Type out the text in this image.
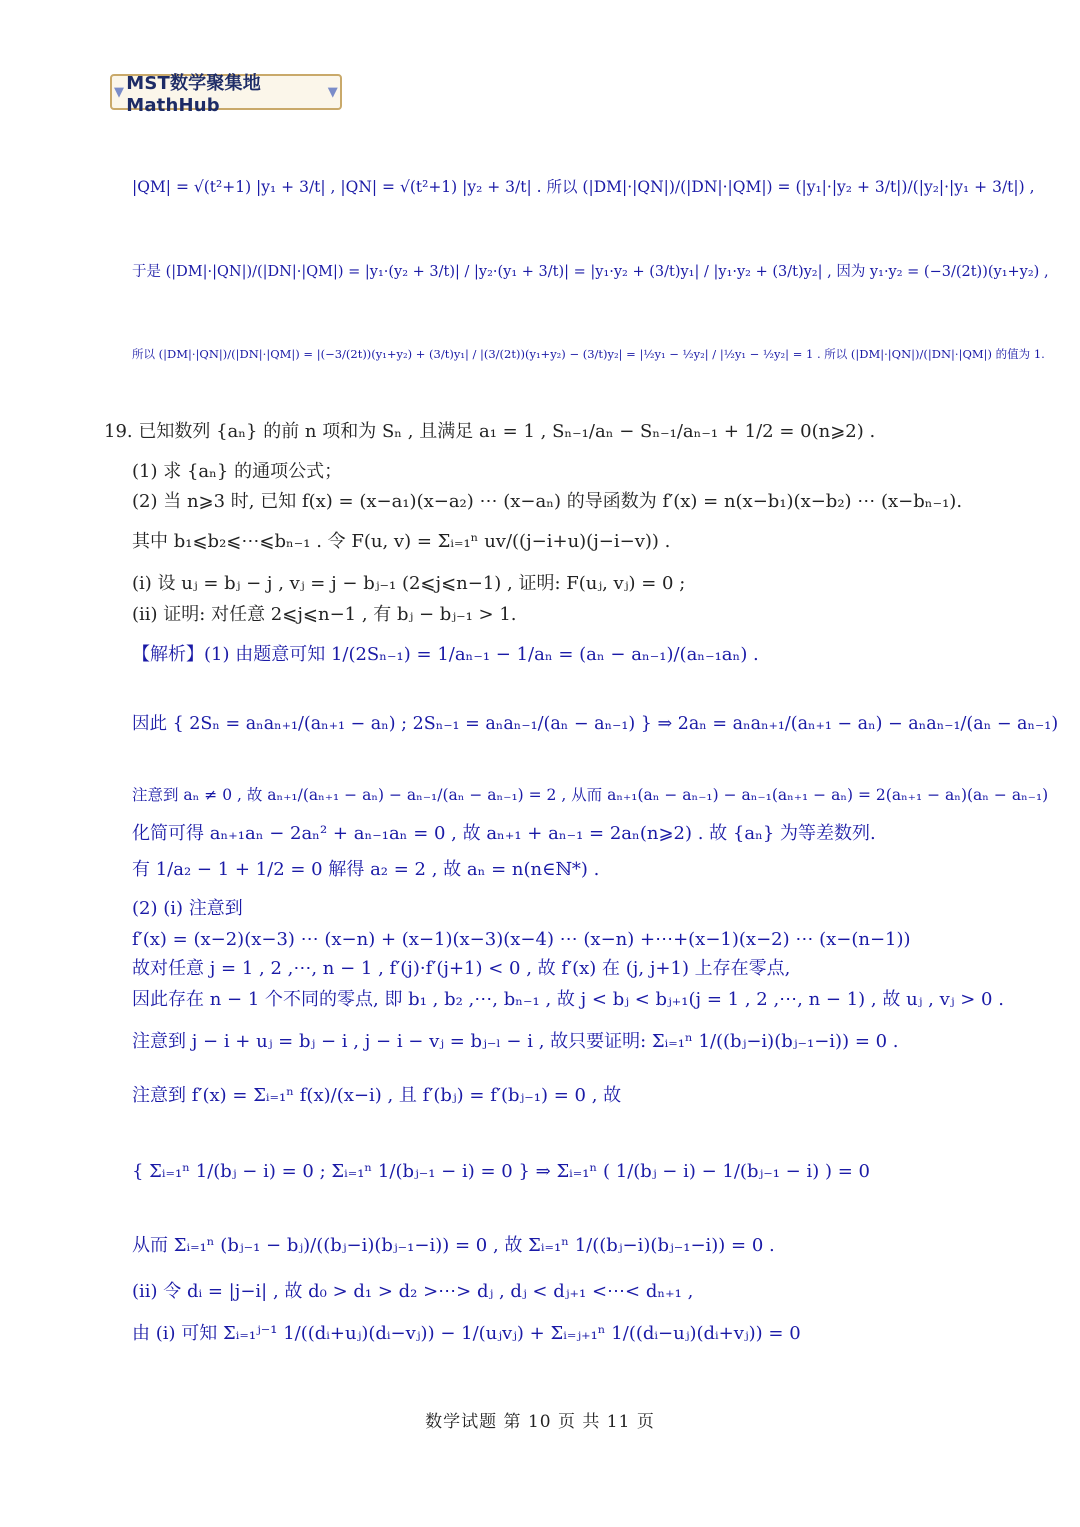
▼ MST数学聚集地MathHub
▼
|QM| = √(t²+1) |y₁ + 3/t| , |QN| = √(t²+1) |y₂ + 3/t| . 所以 (|DM|·|QN|)/(|DN|·|QM|) = (|y₁|·|y₂ + 3/t|)/(|y₂|·|y₁ + 3/t|) ,
于是 (|DM|·|QN|)/(|DN|·|QM|) = |y₁·(y₂ + 3/t)| / |y₂·(y₁ + 3/t)| = |y₁·y₂ + (3/t)y₁| / |y₁·y₂ + (3/t)y₂| , 因为 y₁·y₂ = (−3/(2t))(y₁+y₂) ,
所以 (|DM|·|QN|)/(|DN|·|QM|) = |(−3/(2t))(y₁+y₂) + (3/t)y₁| / |(3/(2t))(y₁+y₂) − (3/t)y₂| = |½y₁ − ½y₂| / |½y₁ − ½y₂| = 1 . 所以 (|DM|·|QN|)/(|DN|·|QM|) 的值为 1.
19. 已知数列 {aₙ} 的前 n 项和为 Sₙ , 且满足 a₁ = 1 , Sₙ₋₁/aₙ − Sₙ₋₁/aₙ₋₁ + 1/2 = 0(n⩾2) .
(1) 求 {aₙ} 的通项公式；
(2) 当 n⩾3 时, 已知 f(x) = (x−a₁)(x−a₂) ⋯ (x−aₙ) 的导函数为 f′(x) = n(x−b₁)(x−b₂) ⋯ (x−bₙ₋₁).
其中 b₁⩽b₂⩽⋯⩽bₙ₋₁ . 令 F(u, v) = Σᵢ₌₁ⁿ uv/((j−i+u)(j−i−v)) .
(i) 设 uⱼ = bⱼ − j , vⱼ = j − bⱼ₋₁ (2⩽j⩽n−1) , 证明: F(uⱼ, vⱼ) = 0 ;
(ii) 证明: 对任意 2⩽j⩽n−1 , 有 bⱼ − bⱼ₋₁ > 1.
【解析】(1) 由题意可知 1/(2Sₙ₋₁) = 1/aₙ₋₁ − 1/aₙ = (aₙ − aₙ₋₁)/(aₙ₋₁aₙ) .
因此 { 2Sₙ = aₙaₙ₊₁/(aₙ₊₁ − aₙ) ; 2Sₙ₋₁ = aₙaₙ₋₁/(aₙ − aₙ₋₁) } ⇒ 2aₙ = aₙaₙ₊₁/(aₙ₊₁ − aₙ) − aₙaₙ₋₁/(aₙ − aₙ₋₁)
注意到 aₙ ≠ 0 , 故 aₙ₊₁/(aₙ₊₁ − aₙ) − aₙ₋₁/(aₙ − aₙ₋₁) = 2 , 从而 aₙ₊₁(aₙ − aₙ₋₁) − aₙ₋₁(aₙ₊₁ − aₙ) = 2(aₙ₊₁ − aₙ)(aₙ − aₙ₋₁)
化简可得 aₙ₊₁aₙ − 2aₙ² + aₙ₋₁aₙ = 0 , 故 aₙ₊₁ + aₙ₋₁ = 2aₙ(n⩾2) . 故 {aₙ} 为等差数列.
有 1/a₂ − 1 + 1/2 = 0 解得 a₂ = 2 , 故 aₙ = n(n∈ℕ*) .
(2) (i) 注意到
f′(x) = (x−2)(x−3) ⋯ (x−n) + (x−1)(x−3)(x−4) ⋯ (x−n) +⋯+(x−1)(x−2) ⋯ (x−(n−1))
故对任意 j = 1 , 2 ,⋯, n − 1 , f′(j)·f′(j+1) < 0 , 故 f′(x) 在 (j, j+1) 上存在零点,
因此存在 n − 1 个不同的零点, 即 b₁ , b₂ ,⋯, bₙ₋₁ , 故 j < bⱼ < bⱼ₊₁(j = 1 , 2 ,⋯, n − 1) , 故 uⱼ , vⱼ > 0 .
注意到 j − i + uⱼ = bⱼ − i , j − i − vⱼ = bⱼ₋ₗ − i , 故只要证明: Σᵢ₌₁ⁿ 1/((bⱼ−i)(bⱼ₋₁−i)) = 0 .
注意到 f′(x) = Σᵢ₌₁ⁿ f(x)/(x−i) , 且 f′(bⱼ) = f′(bⱼ₋₁) = 0 , 故
{ Σᵢ₌₁ⁿ 1/(bⱼ − i) = 0 ; Σᵢ₌₁ⁿ 1/(bⱼ₋₁ − i) = 0 } ⇒ Σᵢ₌₁ⁿ ( 1/(bⱼ − i) − 1/(bⱼ₋₁ − i) ) = 0
从而 Σᵢ₌₁ⁿ (bⱼ₋₁ − bⱼ)/((bⱼ−i)(bⱼ₋₁−i)) = 0 , 故 Σᵢ₌₁ⁿ 1/((bⱼ−i)(bⱼ₋₁−i)) = 0 .
(ii) 令 dᵢ = |j−i| , 故 d₀ > d₁ > d₂ >⋯> dⱼ , dⱼ < dⱼ₊₁ <⋯< dₙ₊₁ ,
由 (i) 可知 Σᵢ₌₁ʲ⁻¹ 1/((dᵢ+uⱼ)(dᵢ−vⱼ)) − 1/(uⱼvⱼ) + Σᵢ₌ⱼ₊₁ⁿ 1/((dᵢ−uⱼ)(dᵢ+vⱼ)) = 0
数学试题 第 10 页 共 11 页
